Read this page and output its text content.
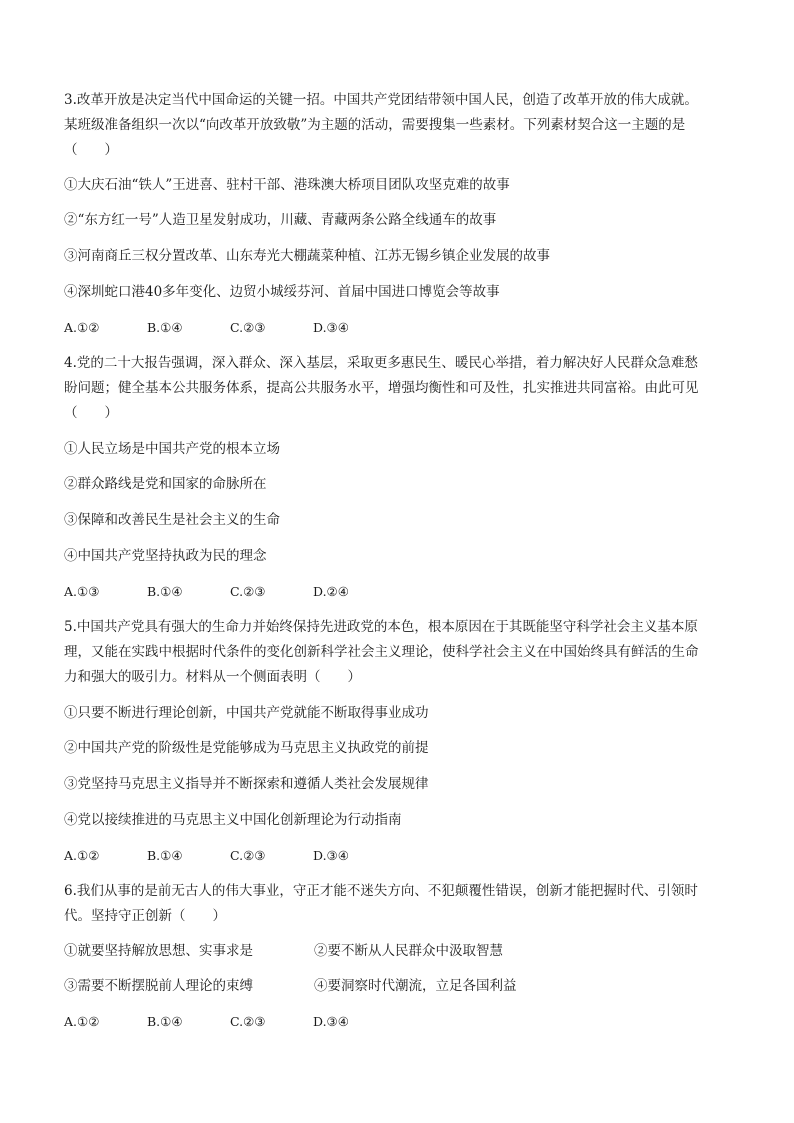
3.改革开放是决定当代中国命运的关键一招。中国共产党团结带领中国人民，创造了改革开放的伟大成就。

某班级准备组织一次以“向改革开放致敬”为主题的活动，需要搜集一些素材。下列素材契合这一主题的是

（　　）

①大庆石油“铁人”王进喜、驻村干部、港珠澳大桥项目团队攻坚克难的故事

②“东方红一号”人造卫星发射成功，川藏、青藏两条公路全线通车的故事

③河南商丘三权分置改革、山东寿光大棚蔬菜种植、江苏无锡乡镇企业发展的故事

④深圳蛇口港40多年变化、边贸小城绥芬河、首届中国进口博览会等故事

A.①②	B.①④	C.②③	D.③④

4.党的二十大报告强调，深入群众、深入基层，采取更多惠民生、暖民心举措，着力解决好人民群众急难愁

盼问题；健全基本公共服务体系，提高公共服务水平，增强均衡性和可及性，扎实推进共同富裕。由此可见

（　　）

①人民立场是中国共产党的根本立场

②群众路线是党和国家的命脉所在

③保障和改善民生是社会主义的生命

④中国共产党坚持执政为民的理念

A.①③	B.①④	C.②③	D.②④

5.中国共产党具有强大的生命力并始终保持先进政党的本色，根本原因在于其既能坚守科学社会主义基本原

理，又能在实践中根据时代条件的变化创新科学社会主义理论，使科学社会主义在中国始终具有鲜活的生命

力和强大的吸引力。材料从一个侧面表明（　　）

①只要不断进行理论创新，中国共产党就能不断取得事业成功

②中国共产党的阶级性是党能够成为马克思主义执政党的前提

③党坚持马克思主义指导并不断探索和遵循人类社会发展规律

④党以接续推进的马克思主义中国化创新理论为行动指南

A.①②	B.①④	C.②③	D.③④

6.我们从事的是前无古人的伟大事业，守正才能不迷失方向、不犯颠覆性错误，创新才能把握时代、引领时

代。坚持守正创新（　　）

①就要坚持解放思想、实事求是	②要不断从人民群众中汲取智慧

③需要不断摆脱前人理论的束缚	④要洞察时代潮流，立足各国利益

A.①②	B.①④	C.②③	D.③④
